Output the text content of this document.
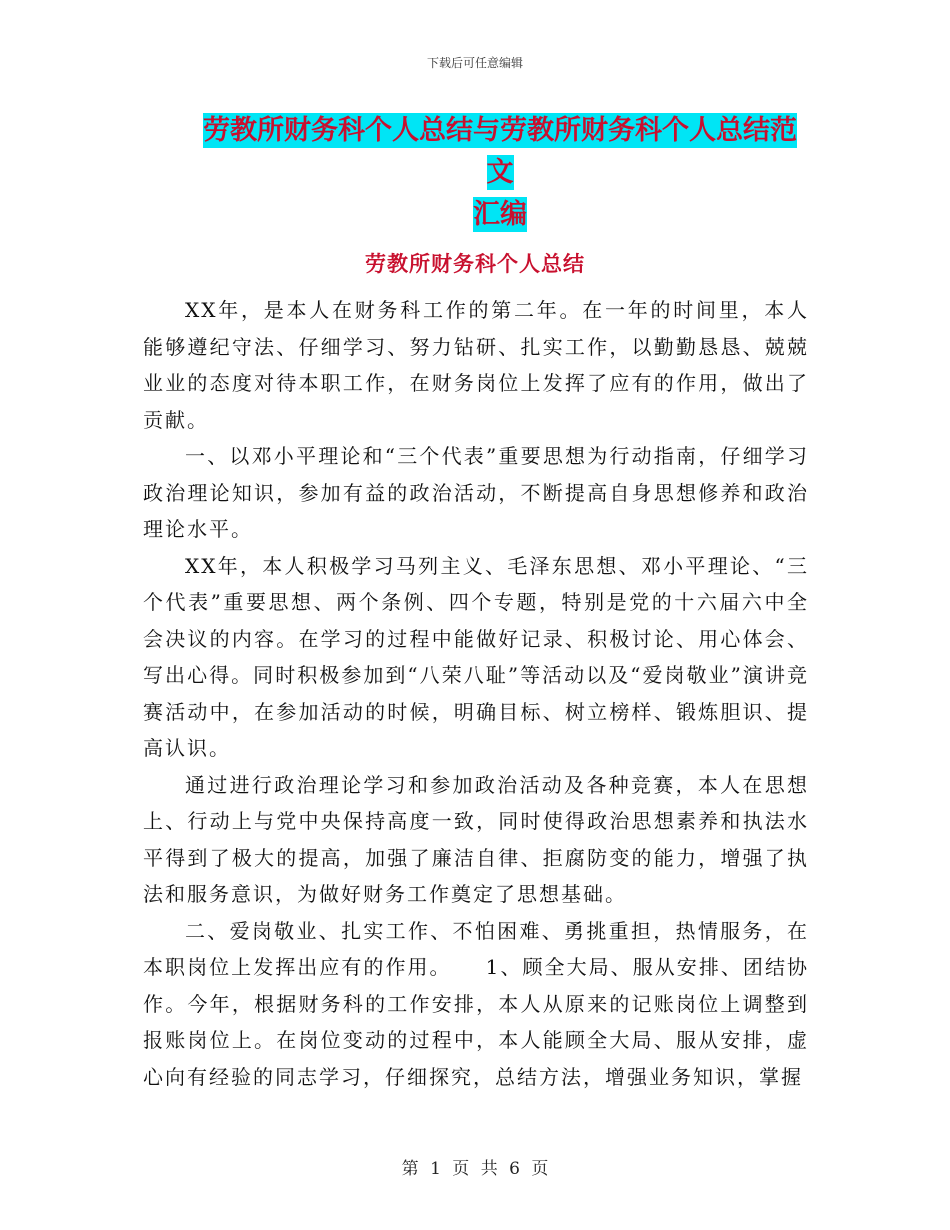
下载后可任意编辑
劳教所财务科个人总结与劳教所财务科个人总结范文
汇编
劳教所财务科个人总结

XX年，是本人在财务科工作的第二年。在一年的时间里，本人能够遵纪守法、仔细学习、努力钻研、扎实工作，以勤勤恳恳、兢兢业业的态度对待本职工作，在财务岗位上发挥了应有的作用，做出了贡献。

一、以邓小平理论和“三个代表”重要思想为行动指南，仔细学习政治理论知识，参加有益的政治活动，不断提高自身思想修养和政治理论水平。

XX年，本人积极学习马列主义、毛泽东思想、邓小平理论、“三个代表”重要思想、两个条例、四个专题，特别是党的十六届六中全会决议的内容。在学习的过程中能做好记录、积极讨论、用心体会、写出心得。同时积极参加到“八荣八耻”等活动以及“爱岗敬业”演讲竞赛活动中，在参加活动的时候，明确目标、树立榜样、锻炼胆识、提高认识。

通过进行政治理论学习和参加政治活动及各种竞赛，本人在思想上、行动上与党中央保持高度一致，同时使得政治思想素养和执法水平得到了极大的提高，加强了廉洁自律、拒腐防变的能力，增强了执法和服务意识，为做好财务工作奠定了思想基础。

二、爱岗敬业、扎实工作、不怕困难、勇挑重担，热情服务，在本职岗位上发挥出应有的作用。　　1、顾全大局、服从安排、团结协作。今年，根据财务科的工作安排，本人从原来的记账岗位上调整到报账岗位上。在岗位变动的过程中，本人能顾全大局、服从安排，虚心向有经验的同志学习，仔细探究，总结方法，增强业务知识，掌握

第 1 页 共 6 页
